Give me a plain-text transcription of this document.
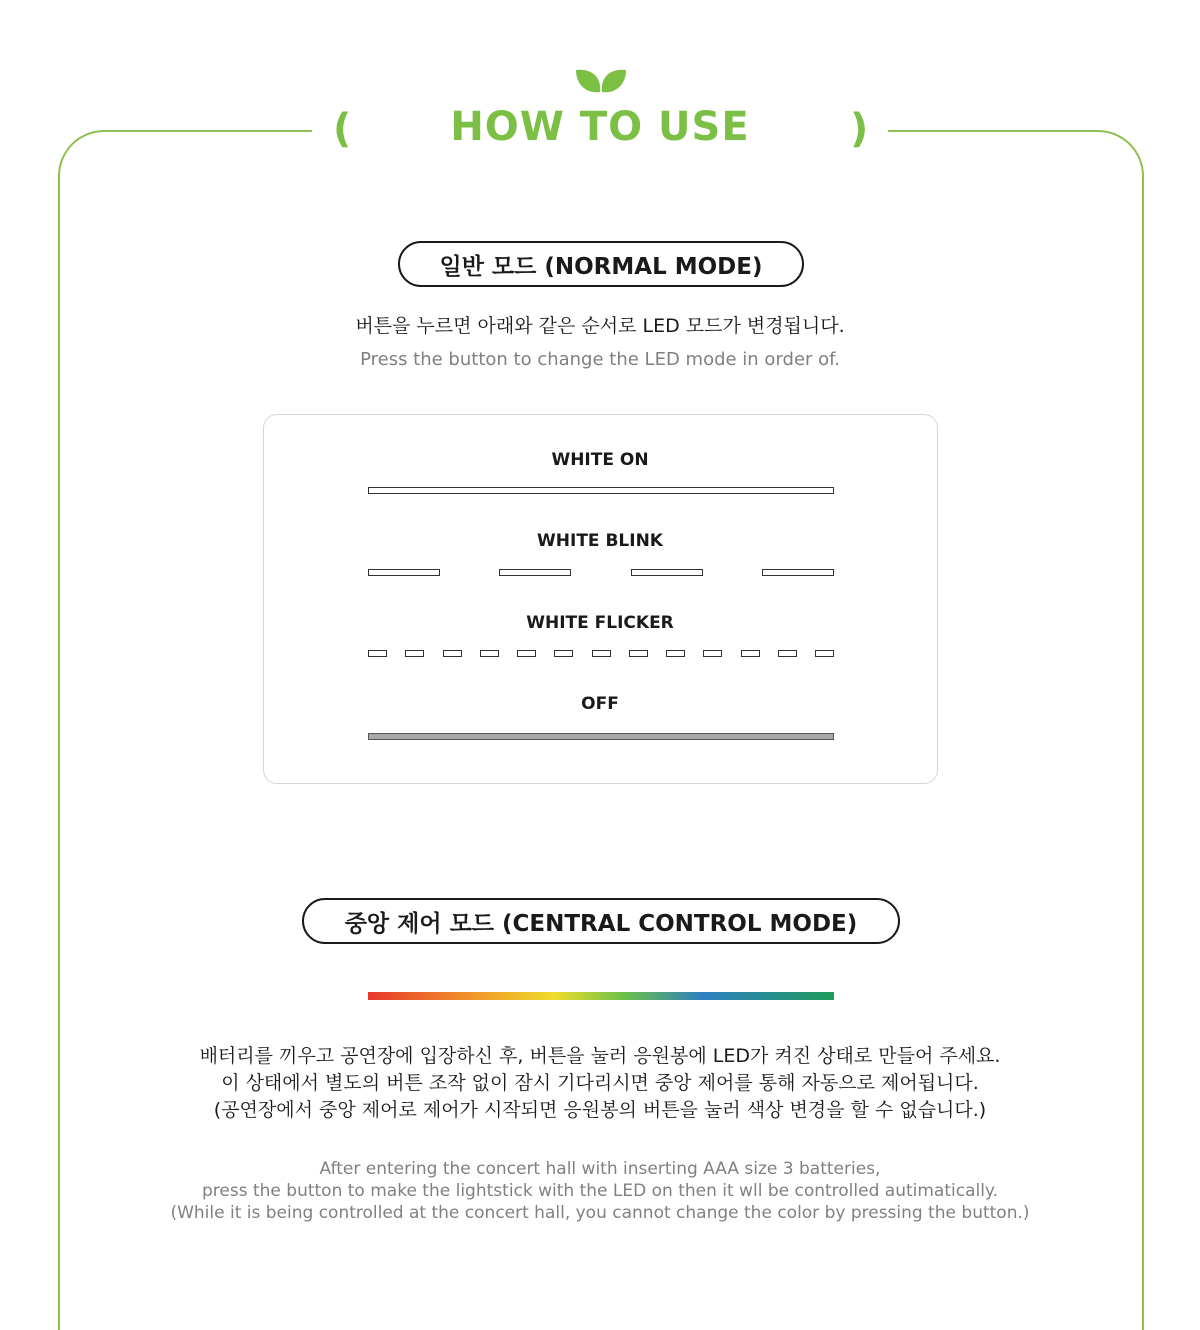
(	HOW TO USE	)
일반 모드 (NORMAL MODE)
버튼을 누르면 아래와 같은 순서로 LED 모드가 변경됩니다.
Press the button to change the LED mode in order of.
WHITE ON
WHITE BLINK
WHITE FLICKER
OFF
중앙 제어 모드 (CENTRAL CONTROL MODE)
배터리를 끼우고 공연장에 입장하신 후, 버튼을 눌러 응원봉에 LED가 켜진 상태로 만들어 주세요.
이 상태에서 별도의 버튼 조작 없이 잠시 기다리시면 중앙 제어를 통해 자동으로 제어됩니다.
(공연장에서 중앙 제어로 제어가 시작되면 응원봉의 버튼을 눌러 색상 변경을 할 수 없습니다.)
After entering the concert hall with inserting AAA size 3 batteries,
press the button to make the lightstick with the LED on then it wll be controlled autimatically.
(While it is being controlled at the concert hall, you cannot change the color by pressing the button.)
